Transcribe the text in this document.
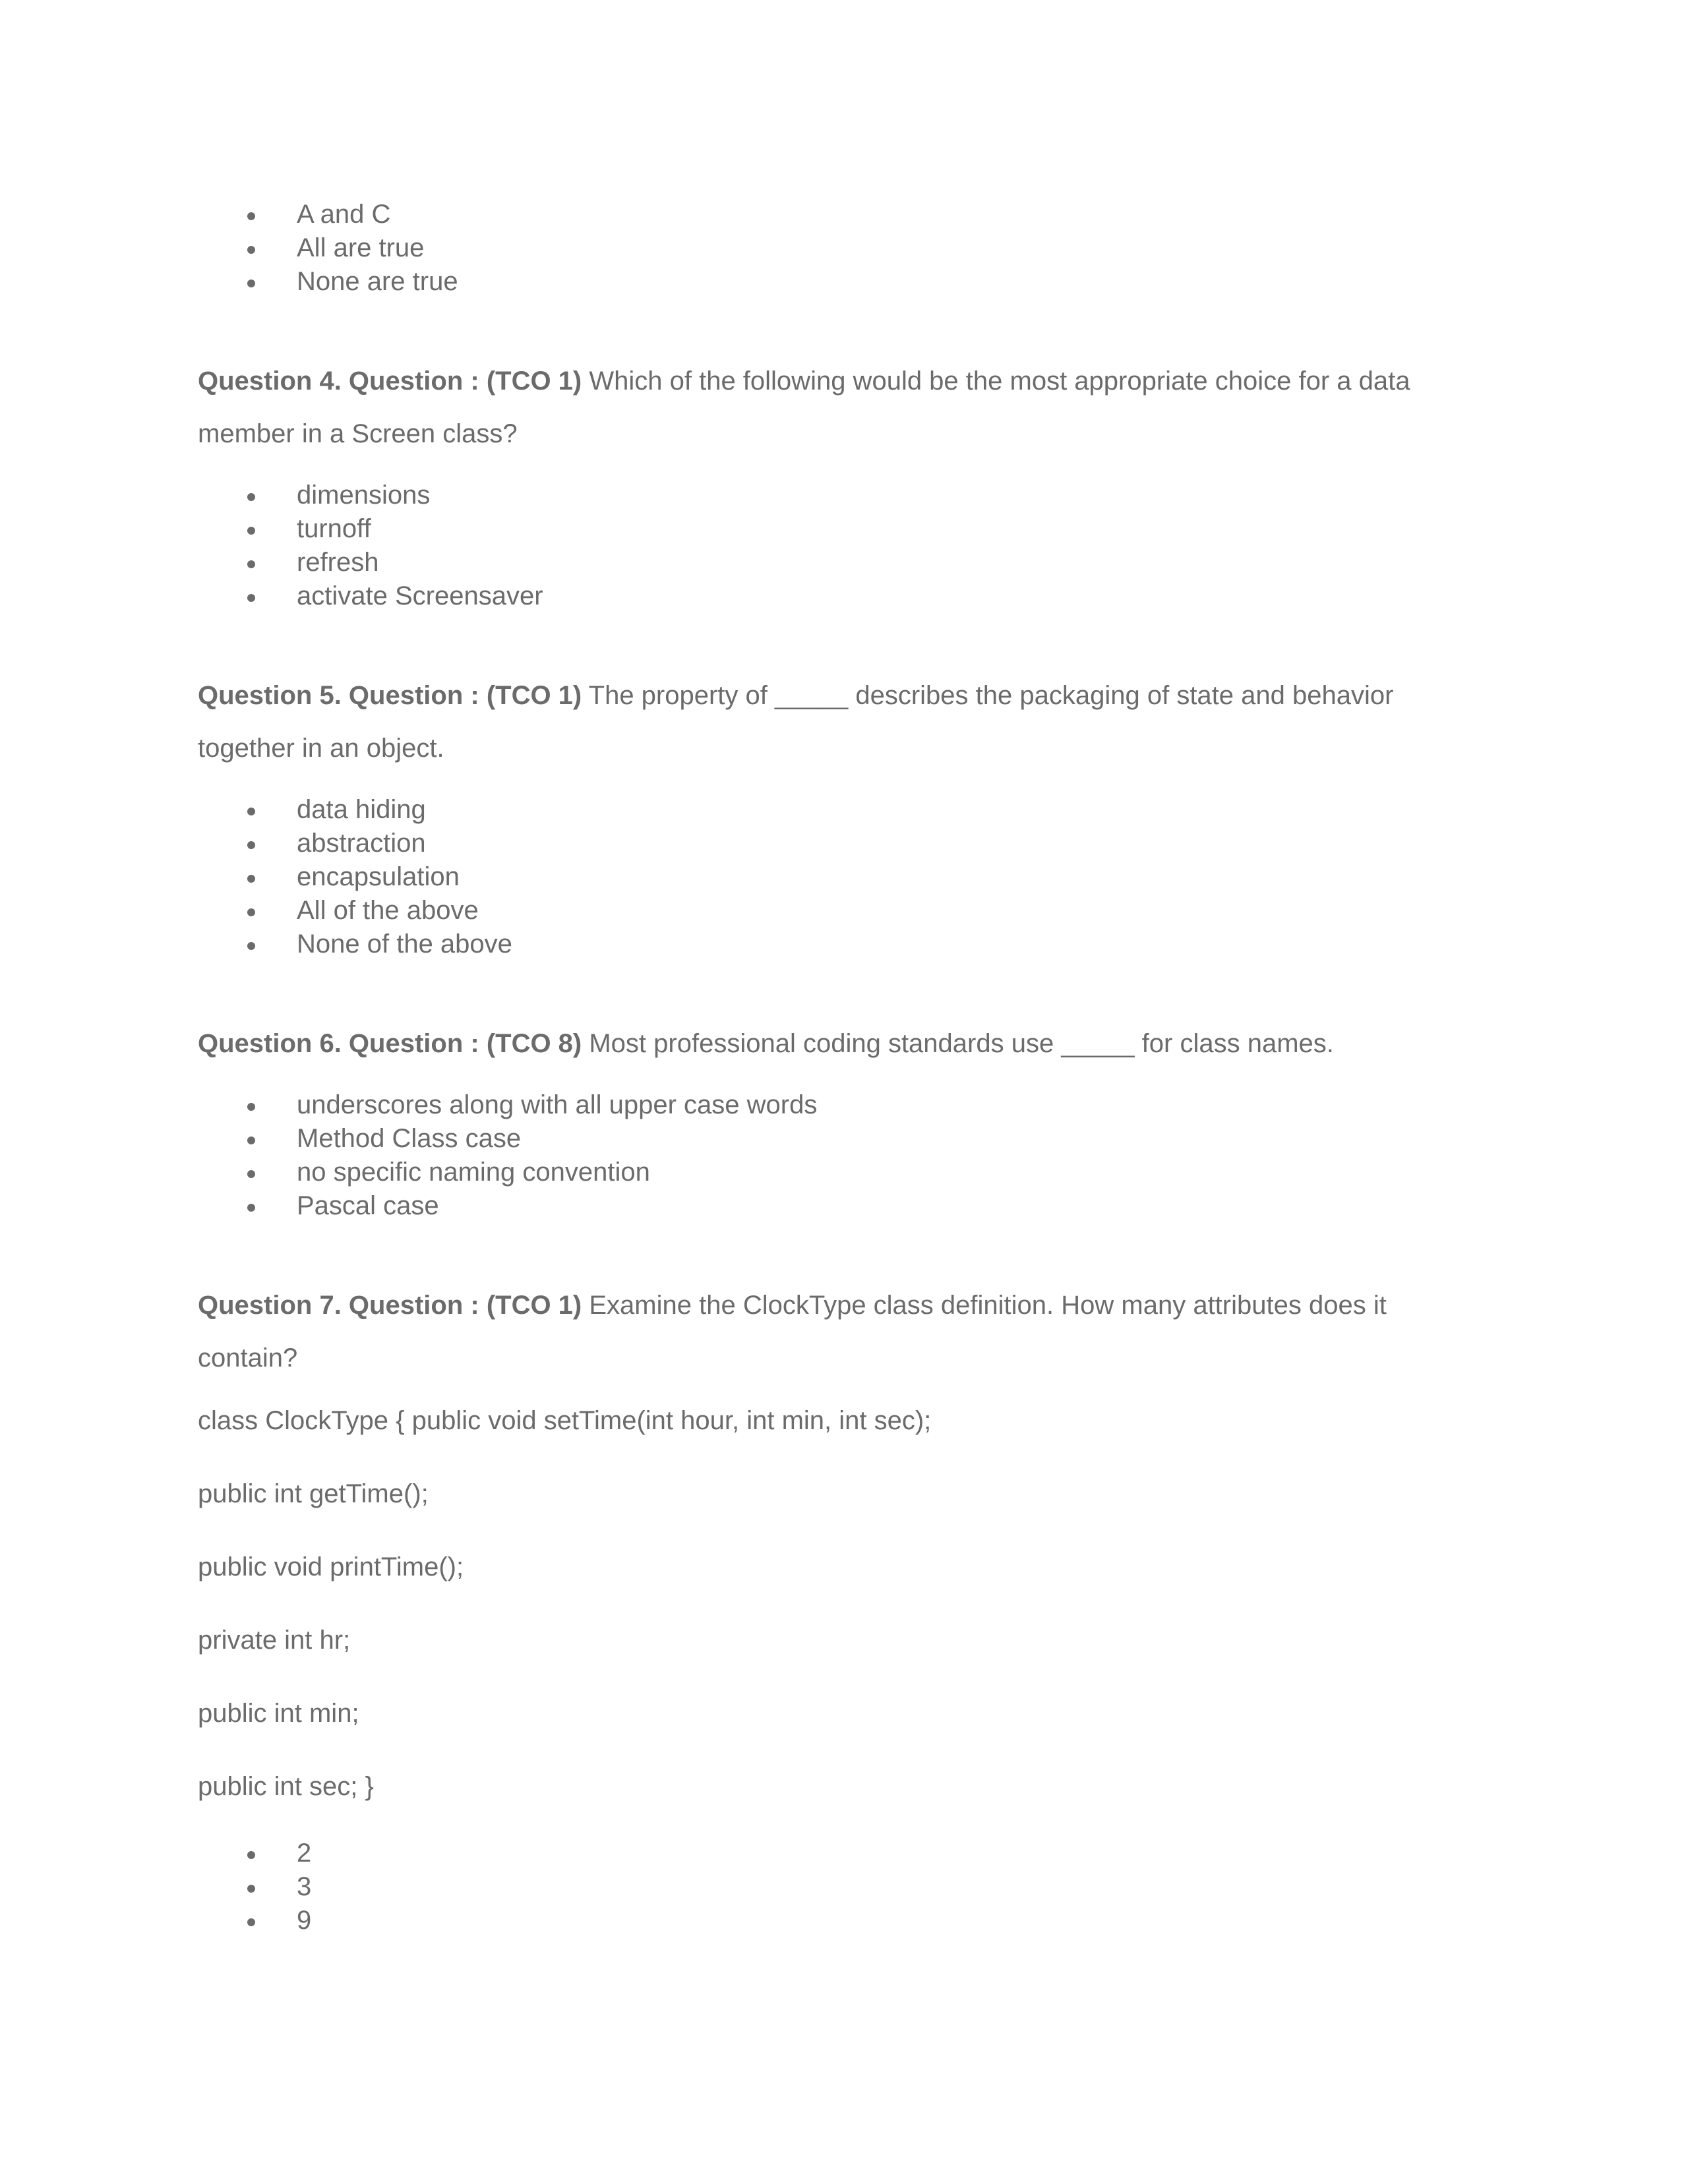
A and C
All are true
None are true

Question 4. Question : (TCO 1) Which of the following would be the most appropriate choice for a data
member in a Screen class?

dimensions
turnoff
refresh
activate Screensaver

Question 5. Question : (TCO 1) The property of _____ describes the packaging of state and behavior
together in an object.

data hiding
abstraction
encapsulation
All of the above
None of the above

Question 6. Question : (TCO 8) Most professional coding standards use _____ for class names.

underscores along with all upper case words
Method Class case
no specific naming convention
Pascal case

Question 7. Question : (TCO 1) Examine the ClockType class definition. How many attributes does it
contain?

class ClockType { public void setTime(int hour, int min, int sec);

public int getTime();

public void printTime();

private int hr;

public int min;

public int sec; }

2
3
9
